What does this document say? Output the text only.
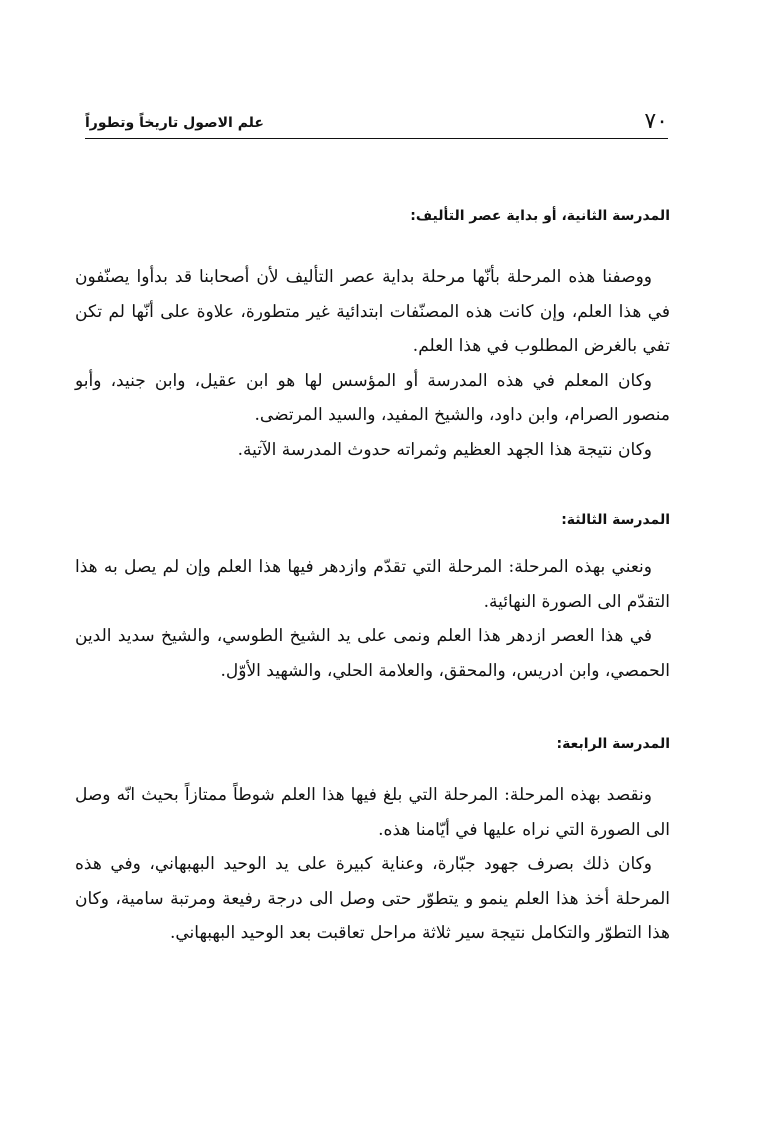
٧٠
علم الاصول تاريخاً وتطوراً

المدرسة الثانية، أو بداية عصر التأليف:

ووصفنا هذه المرحلة بأنّها مرحلة بداية عصر التأليف لأن أصحابنا قد بدأوا يصنّفون في هذا العلم، وإن كانت هذه المصنّفات ابتدائية غير متطورة، علاوة على أنّها لم تكن تفي بالغرض المطلوب في هذا العلم.

وكان المعلم في هذه المدرسة أو المؤسس لها هو ابن عقيل، وابن جنيد، وأبو منصور الصرام، وابن داود، والشيخ المفيد، والسيد المرتضى.

وكان نتيجة هذا الجهد العظيم وثمراته حدوث المدرسة الآتية.

المدرسة الثالثة:

ونعني بهذه المرحلة: المرحلة التي تقدّم وازدهر فيها هذا العلم وإن لم يصل به هذا التقدّم الى الصورة النهائية.

في هذا العصر ازدهر هذا العلم ونمى على يد الشيخ الطوسي، والشيخ سديد الدين الحمصي، وابن ادريس، والمحقق، والعلامة الحلي، والشهيد الأوّل.

المدرسة الرابعة:

ونقصد بهذه المرحلة: المرحلة التي بلغ فيها هذا العلم شوطاً ممتازاً بحيث انّه وصل الى الصورة التي نراه عليها في أيّامنا هذه.

وكان ذلك بصرف جهود جبّارة، وعناية كبيرة على يد الوحيد البهبهاني، وفي هذه المرحلة أخذ هذا العلم ينمو و يتطوّر حتى وصل الى درجة رفيعة ومرتبة سامية، وكان هذا التطوّر والتكامل نتيجة سير ثلاثة مراحل تعاقبت بعد الوحيد البهبهاني.
